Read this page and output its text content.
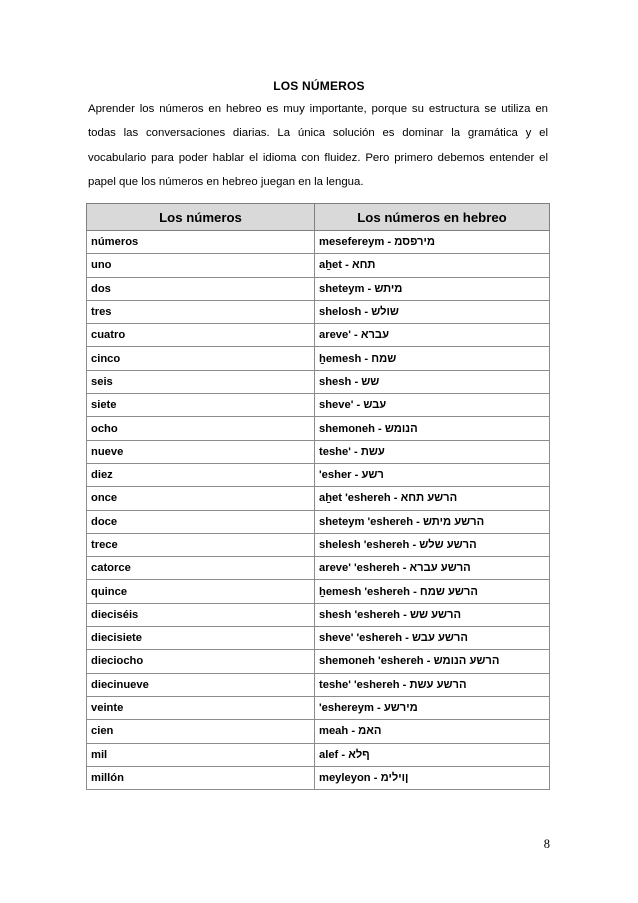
LOS NÚMEROS
Aprender los números en hebreo es muy importante, porque su estructura se utiliza en todas las conversaciones diarias. La única solución es dominar la gramática y el vocabulario para poder hablar el idioma con fluidez. Pero primero debemos entender el papel que los números en hebreo juegan en la lengua.
Los números	Los números en hebreo
números	mesefereym - מירפסמ
uno	aẖet - תחא
dos	sheteym - מיתש
tres	shelosh - שולש
cuatro	areve' - עברא
cinco	ẖemesh - שמח
seis	shesh - שש
siete	sheve' - עבש
ocho	shemoneh - הנומש
nueve	teshe' - עשת
diez	'esher - רשע
once	aẖet 'eshereh - הרשע תחא
doce	sheteym 'eshereh - הרשע מיתש
trece	shelesh 'eshereh - הרשע שלש
catorce	areve' 'eshereh - הרשע עברא
quince	ẖemesh 'eshereh - הרשע שמח
dieciséis	shesh 'eshereh - הרשע שש
diecisiete	sheve' 'eshereh - הרשע עבש
dieciocho	shemoneh 'eshereh - הרשע הנומש
diecinueve	teshe' 'eshereh - הרשע עשת
veinte	'eshereym - מירשע
cien	meah - האמ
mil	alef - ףלא
millón	meyleyon - ןוילימ
8
